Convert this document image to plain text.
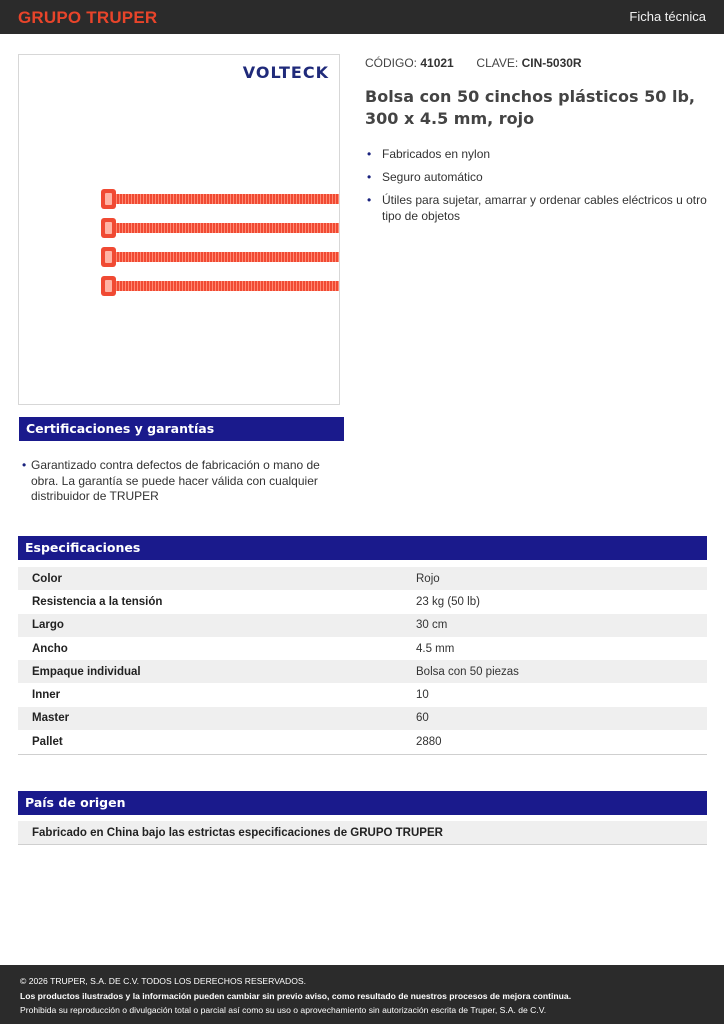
GRUPO TRUPER	Ficha técnica
VOLTECK	CÓDIGO: 41021 CLAVE: CIN-5030R
Bolsa con 50 cinchos plásticos 50 lb, 300 x 4.5 mm, rojo
• Fabricados en nylon
• Seguro automático
• Útiles para sujetar, amarrar y ordenar cables eléctricos u otro tipo de objetos
Certificaciones y garantías
• Garantizado contra defectos de fabricación o mano de obra. La garantía se puede hacer válida con cualquier distribuidor de TRUPER
Especificaciones
Color	Rojo
Resistencia a la tensión	23 kg (50 lb)
Largo	30 cm
Ancho	4.5 mm
Empaque individual	Bolsa con 50 piezas
Inner	10
Master	60
Pallet	2880
País de origen
Fabricado en China bajo las estrictas especificaciones de GRUPO TRUPER
© 2026 TRUPER, S.A. DE C.V. TODOS LOS DERECHOS RESERVADOS.
Los productos ilustrados y la información pueden cambiar sin previo aviso, como resultado de nuestros procesos de mejora continua.
Prohibida su reproducción o divulgación total o parcial así como su uso o aprovechamiento sin autorización escrita de Truper, S.A. de C.V.
